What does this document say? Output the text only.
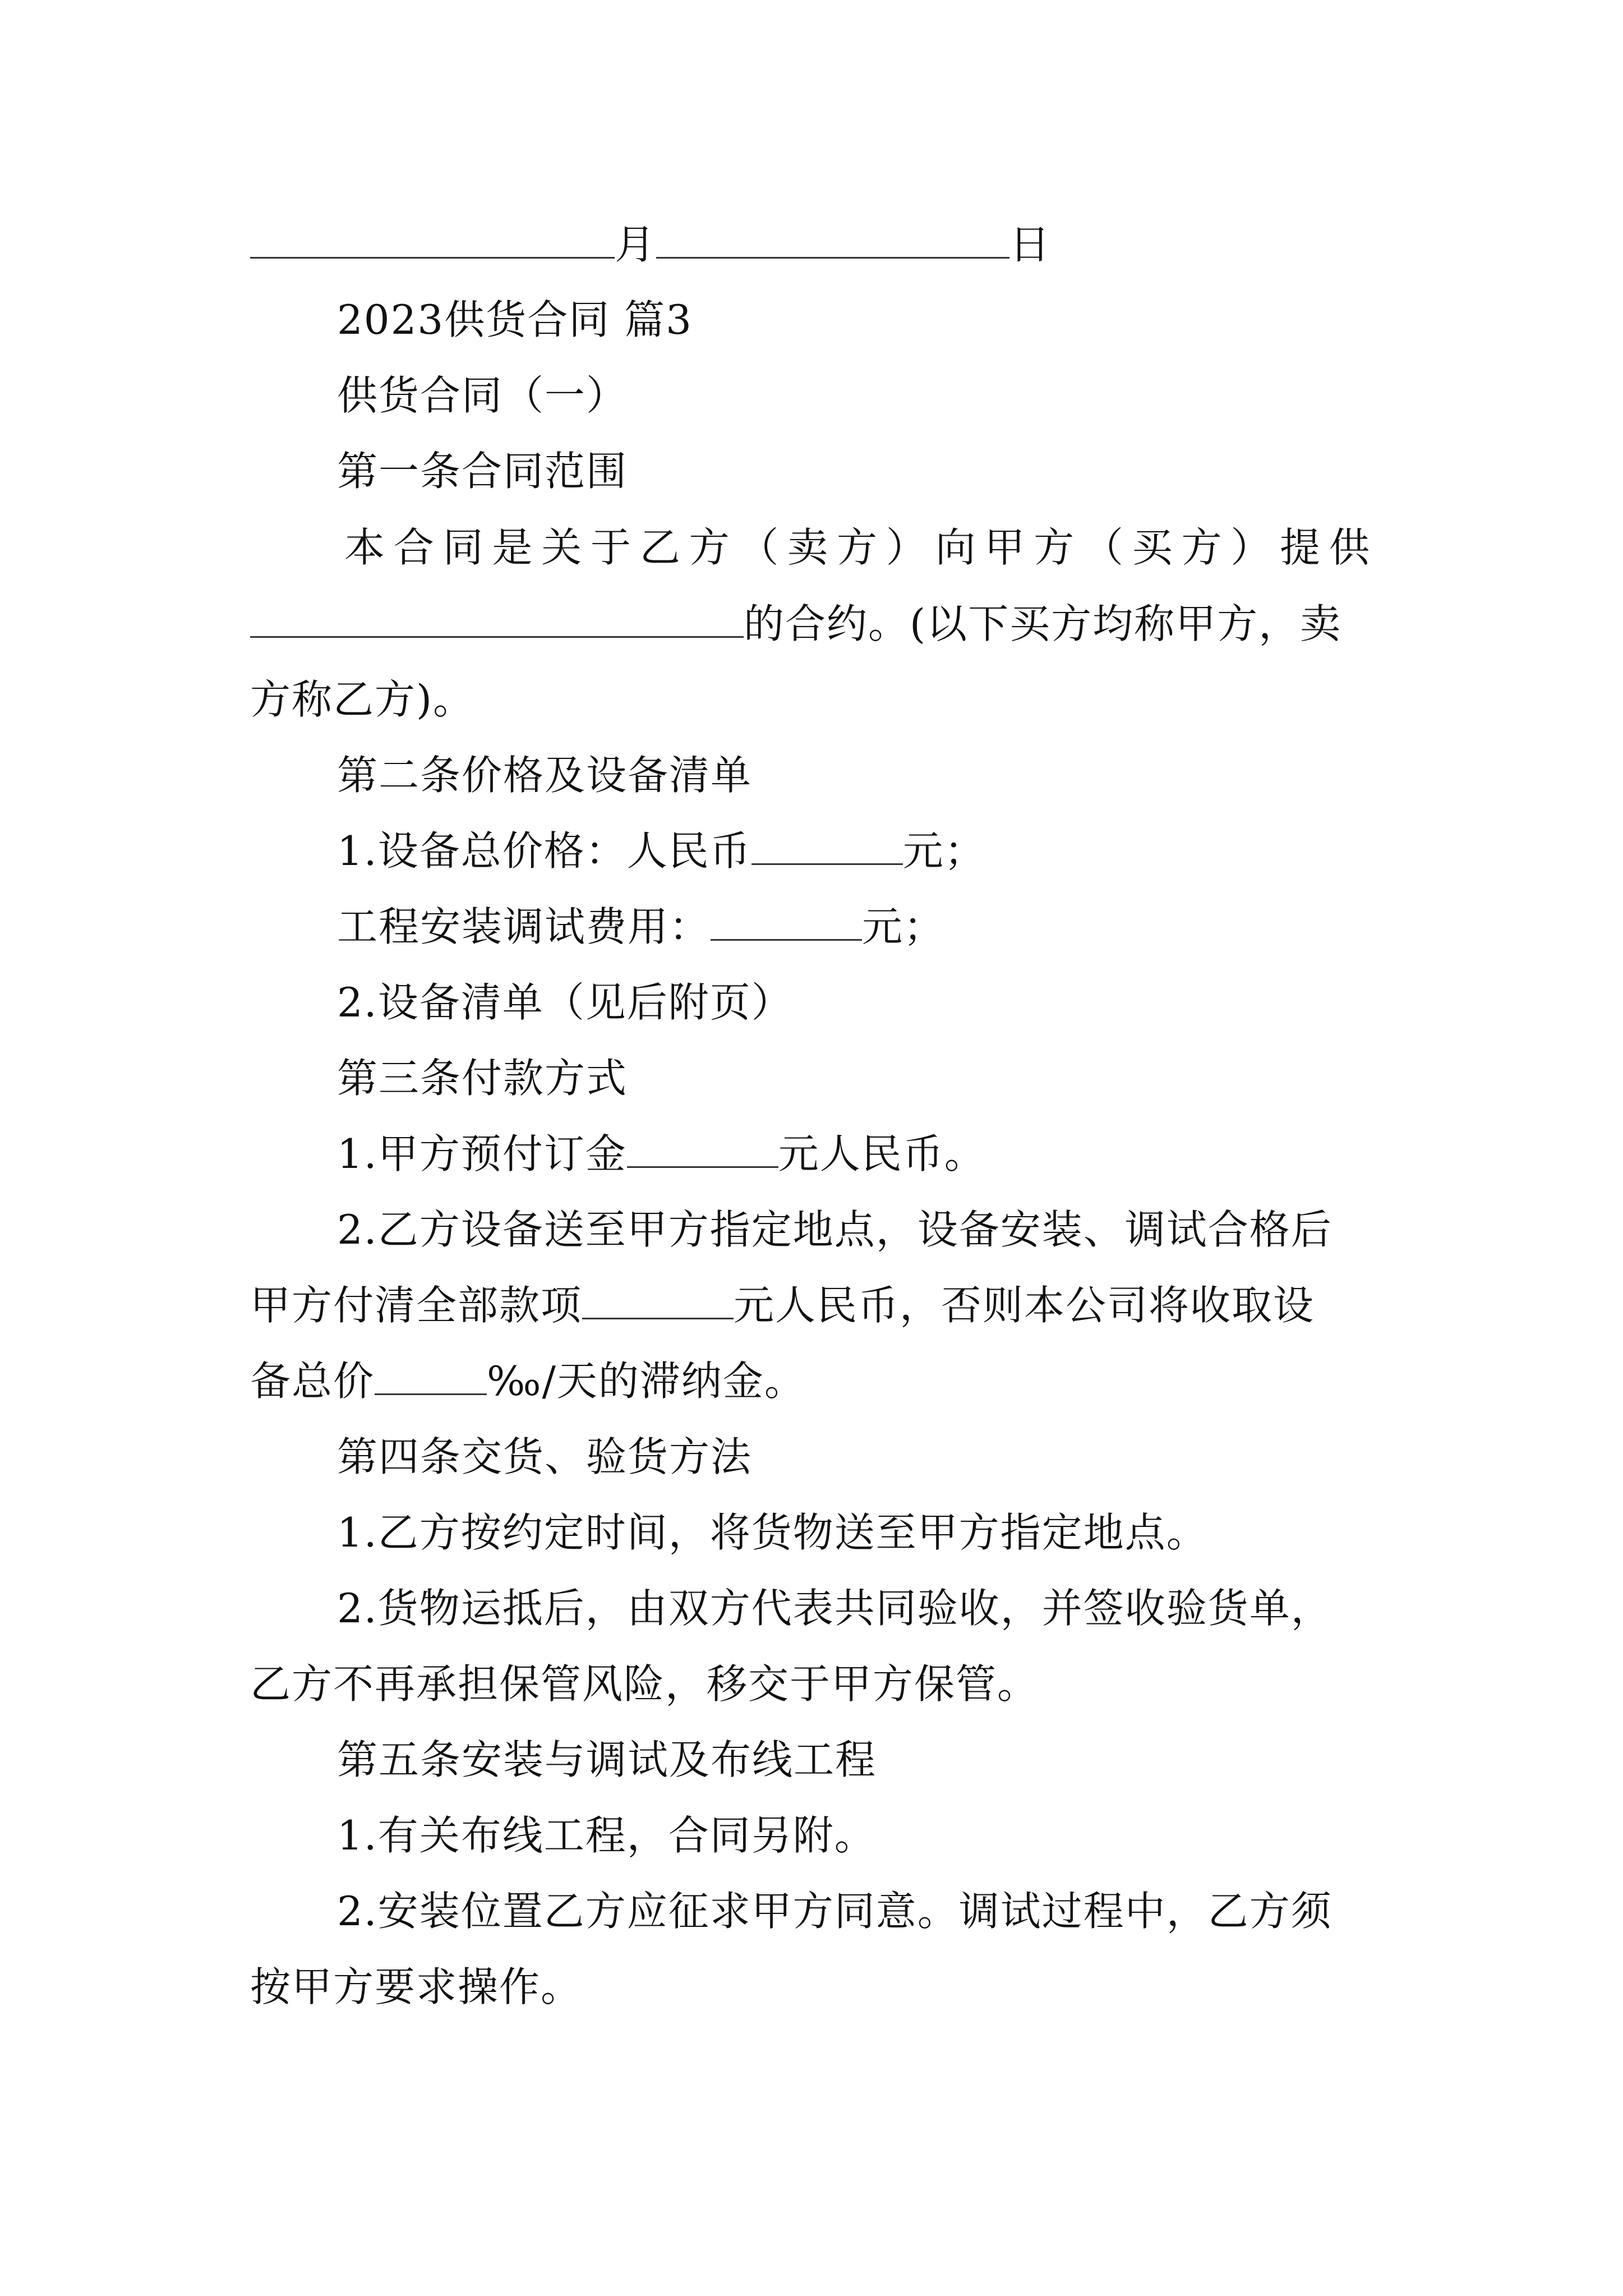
月	日
2023供货合同 篇3
供货合同（一）
第一条合同范围
本 合 同 是 关 于 乙 方 （ 卖 方 ） 向 甲 方 （ 买 方 ） 提 供
的合约。(以下买方均称甲方，卖
方称乙方)。
第二条价格及设备清单
1.设备总价格：人民币	元；
工程安装调试费用：	元；
2.设备清单（见后附页）
第三条付款方式
1.甲方预付订金	元人民币。
2.乙方设备送至甲方指定地点，设备安装、调试合格后
甲方付清全部款项	元人民币，否则本公司将收取设
备总价	‰/天的滞纳金。
第四条交货、验货方法
1.乙方按约定时间，将货物送至甲方指定地点。
2.货物运抵后，由双方代表共同验收，并签收验货单，
乙方不再承担保管风险，移交于甲方保管。
第五条安装与调试及布线工程
1.有关布线工程，合同另附。
2.安装位置乙方应征求甲方同意。调试过程中，乙方须
按甲方要求操作。
